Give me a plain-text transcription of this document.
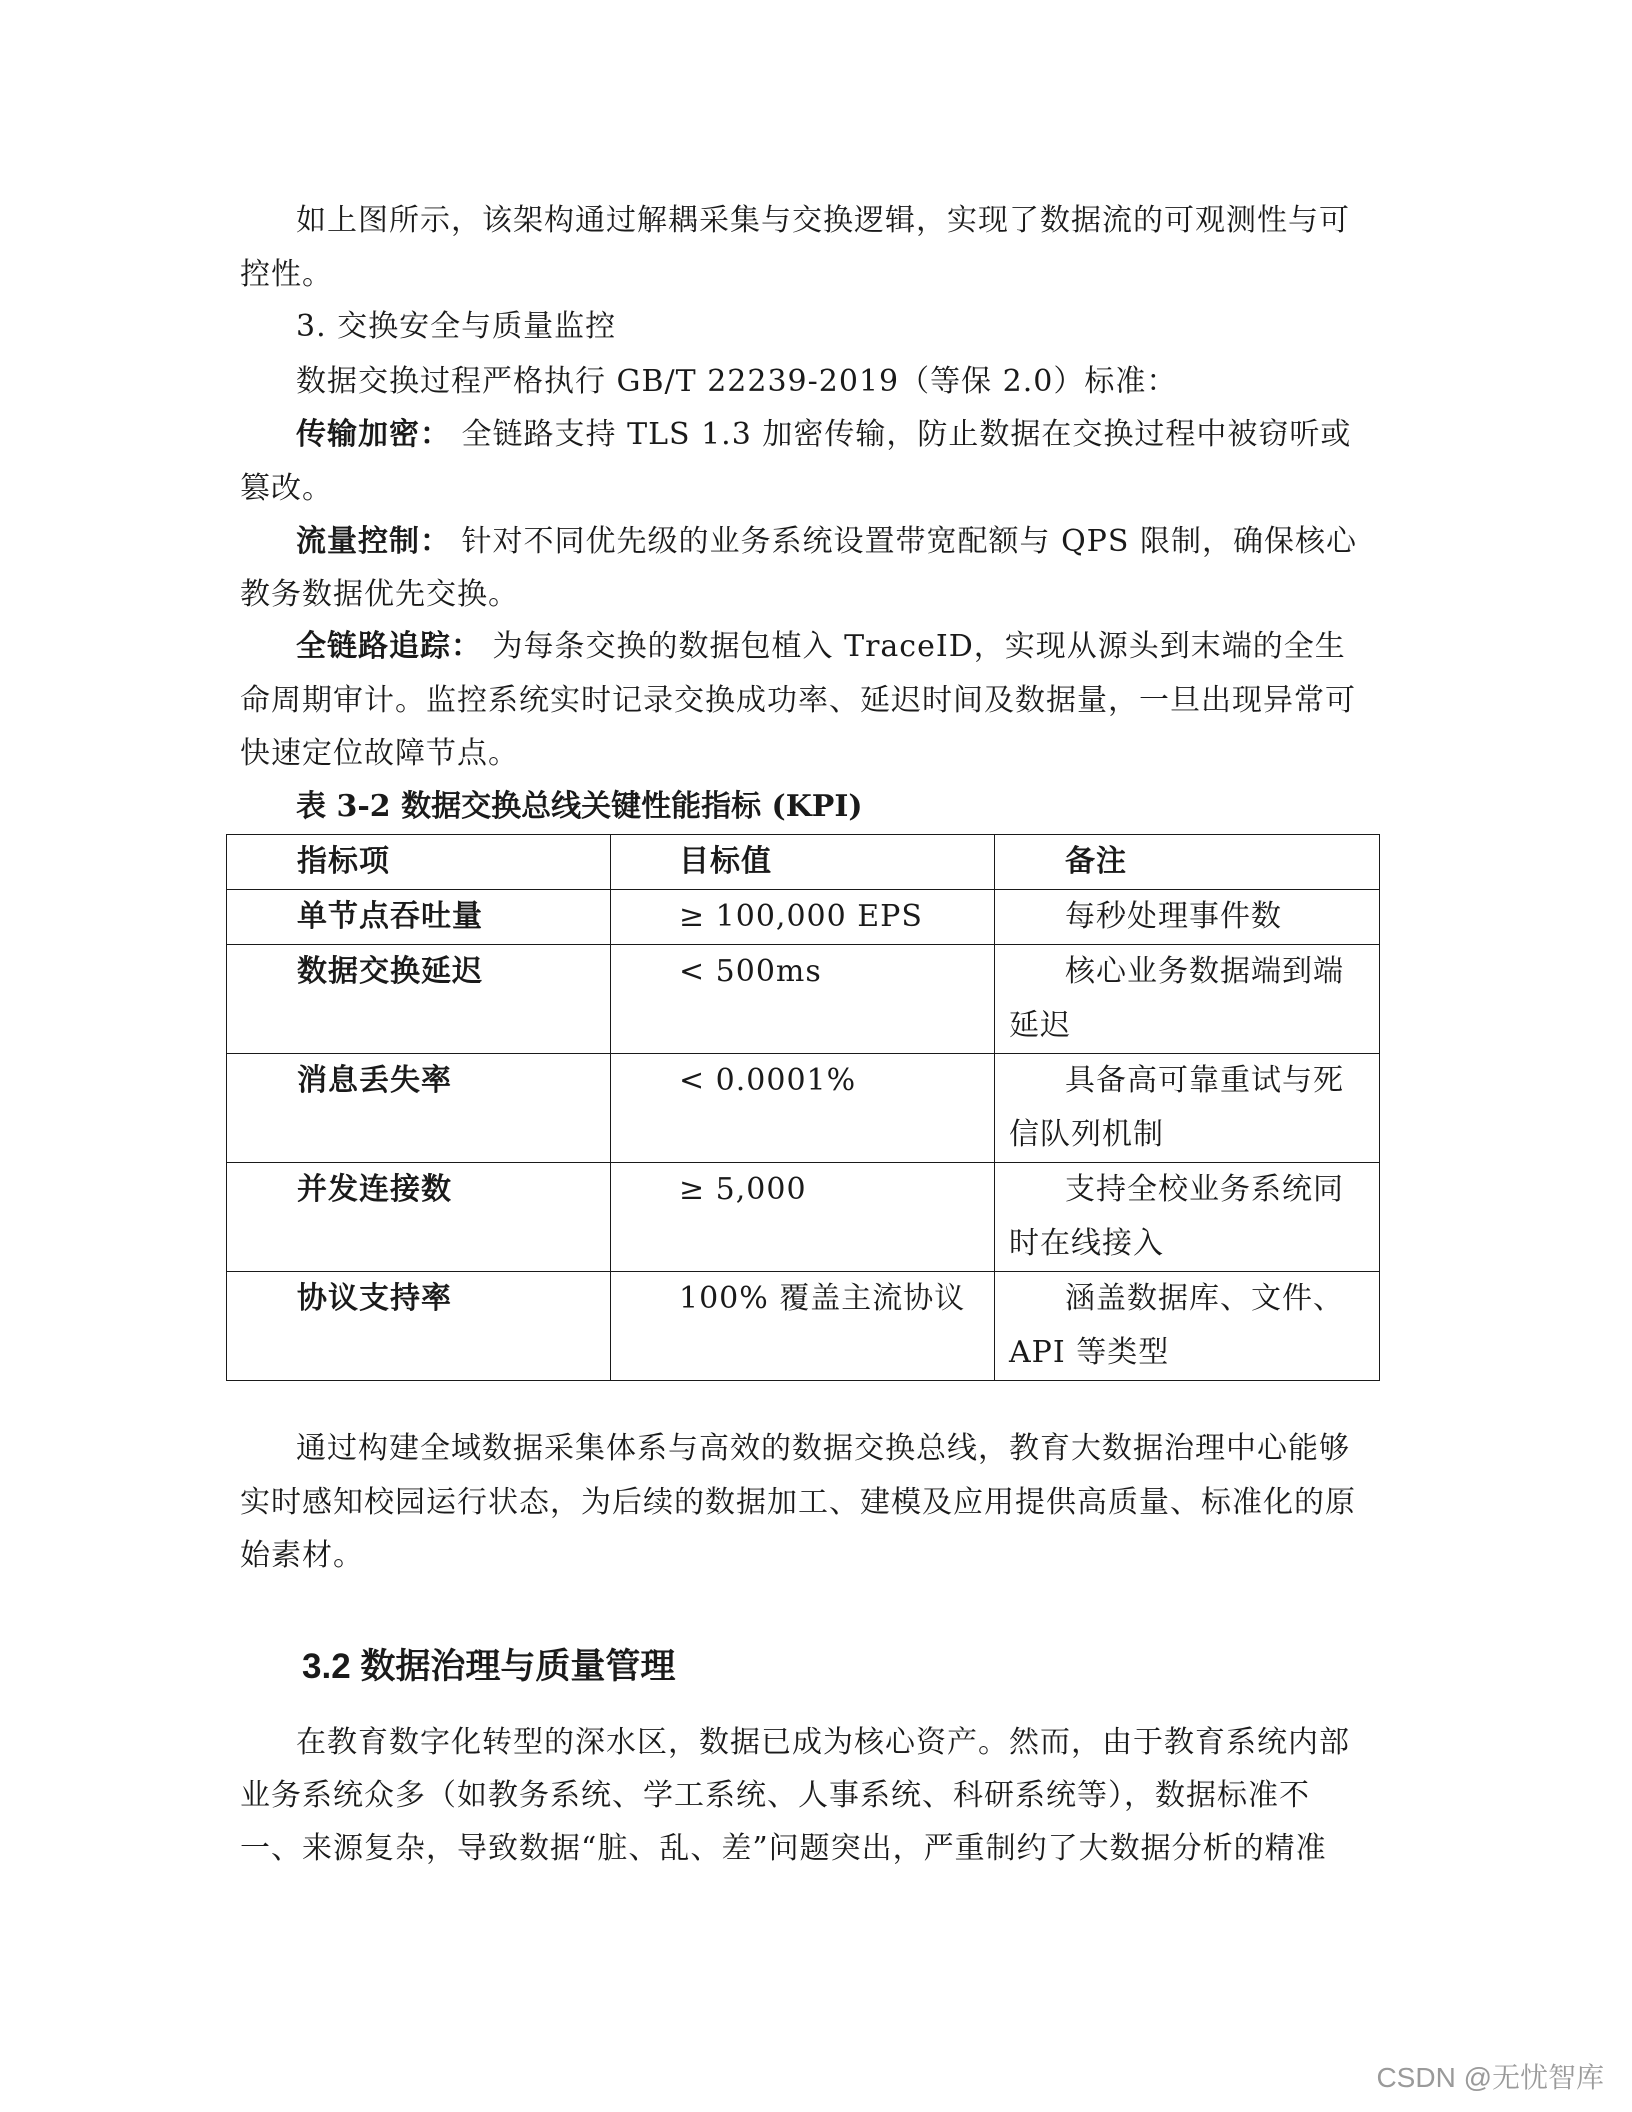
如上图所示，该架构通过解耦采集与交换逻辑，实现了数据流的可观测性与可
控性。
3. 交换安全与质量监控
数据交换过程严格执行 GB/T 22239-2019（等保 2.0）标准：
传输加密： 全链路支持 TLS 1.3 加密传输，防止数据在交换过程中被窃听或
篡改。
流量控制： 针对不同优先级的业务系统设置带宽配额与 QPS 限制，确保核心
教务数据优先交换。
全链路追踪： 为每条交换的数据包植入 TraceID，实现从源头到末端的全生
命周期审计。监控系统实时记录交换成功率、延迟时间及数据量，一旦出现异常可
快速定位故障节点。
表 3-2 数据交换总线关键性能指标 (KPI)
指标项	目标值	备注
单节点吞吐量	≥ 100,000 EPS	每秒处理事件数
数据交换延迟	< 500ms	核心业务数据端到端延迟

消息丢失率	< 0.0001%	具备高可靠重试与死信队列机制

并发连接数	≥ 5,000	支持全校业务系统同时在线接入

协议支持率	100% 覆盖主流协议	涵盖数据库、文件、API 等类型
通过构建全域数据采集体系与高效的数据交换总线，教育大数据治理中心能够
实时感知校园运行状态，为后续的数据加工、建模及应用提供高质量、标准化的原
始素材。
3.2 数据治理与质量管理
在教育数字化转型的深水区，数据已成为核心资产。然而，由于教育系统内部
业务系统众多（如教务系统、学工系统、人事系统、科研系统等），数据标准不
一、来源复杂，导致数据“脏、乱、差”问题突出，严重制约了大数据分析的精准
CSDN @无忧智库
